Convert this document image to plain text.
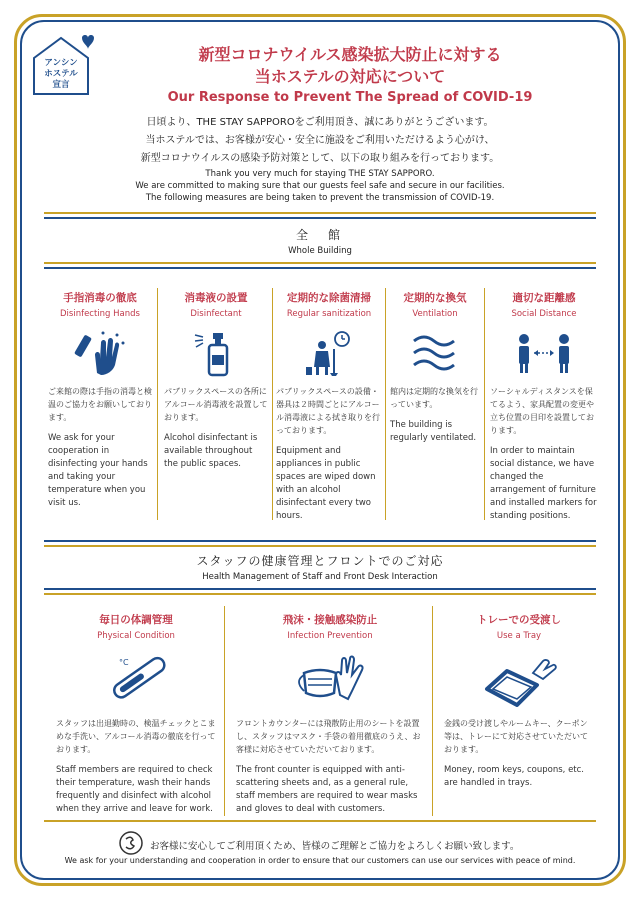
アンシン
ホステル
宣言
新型コロナウイルス感染拡大防止に対する
当ホステルの対応について
Our Response to Prevent The Spread of COVID-19
日頃より、THE STAY SAPPOROをご利用頂き、誠にありがとうございます。
当ホステルでは、お客様が安心・安全に施設をご利用いただけるよう心がけ、
新型コロナウイルスの感染予防対策として、以下の取り組みを行っております。
Thank you very much for staying THE STAY SAPPORO.
We are committed to making sure that our guests feel safe and secure in our facilities.
The following measures are being taken to prevent the transmission of COVID-19.
全　館
Whole Building
手指消毒の徹底
Disinfecting Hands
ご来館の際は手指の消毒と検温のご協力をお願いしております。
We ask for your cooperation in disinfecting your hands and taking your temperature when you visit us.
消毒液の設置
Disinfectant
パブリックスペースの各所にアルコール消毒液を設置しております。
Alcohol disinfectant is available throughout the public spaces.
定期的な除菌清掃
Regular sanitization
パブリックスペースの設備・器具は２時間ごとにアルコール消毒液による拭き取りを行っております。
Equipment and appliances in public spaces are wiped down with an alcohol disinfectant every two hours.
定期的な換気
Ventilation
館内は定期的な換気を行っています。
The building is regularly ventilated.
適切な距離感
Social Distance
ソーシャルディスタンスを保てるよう、家具配置の変更や立ち位置の目印を設置しております。
In order to maintain social distance, we have changed the arrangement of furniture and installed markers for standing positions.
スタッフの健康管理とフロントでのご対応
Health Management of Staff and Front Desk Interaction
毎日の体調管理
Physical Condition
°C
スタッフは出退勤時の、検温チェックとこまめな手洗い、アルコール消毒の徹底を行っております。
Staff members are required to check their temperature, wash their hands frequently and disinfect with alcohol when they arrive and leave for work.
飛沫・接触感染防止
Infection Prevention
フロントカウンターには飛散防止用のシートを設置し、スタッフはマスク・手袋の着用徹底のうえ、お客様に対応させていただいております。
The front counter is equipped with anti-scattering sheets and, as a general rule, staff members are required to wear masks and gloves to deal with customers.
トレーでの受渡し
Use a Tray
金銭の受け渡しやルームキー、クーポン等は、トレーにて対応させていただいております。
Money, room keys, coupons, etc. are handled in trays.
お客様に安心してご利用頂くため、皆様のご理解とご協力をよろしくお願い致します。
We ask for your understanding and cooperation in order to ensure that our customers can use our services with peace of mind.
